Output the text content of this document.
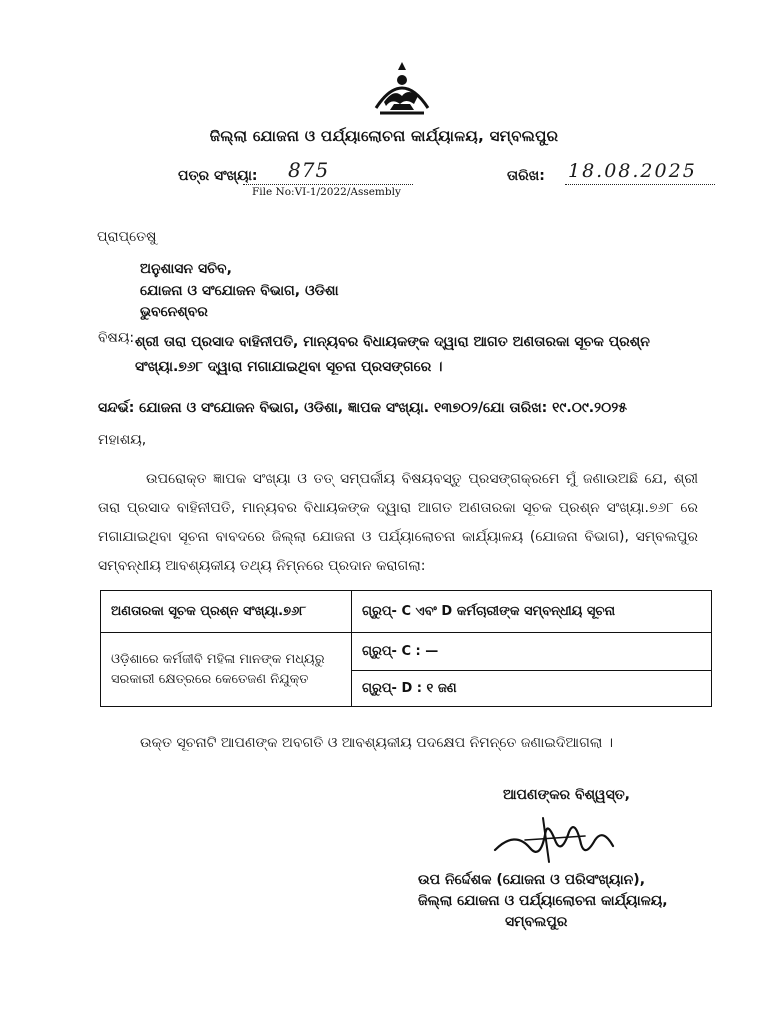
ଜିଲ୍ଲା ଯୋଜନା ଓ ପର୍ଯ୍ୟାଲୋଚନା କାର୍ଯ୍ୟାଳୟ, ସମ୍ବଲପୁର
ପତ୍ର ସଂଖ୍ୟା: 875
File No:VI-1/2022/Assembly
ତାରିଖ: 18.08.2025
ପ୍ରାପ୍ତେଷୁ
ଅନୁଶାସନ ସଚିବ,
ଯୋଜନା ଓ ସଂଯୋଜନ ବିଭାଗ, ଓଡିଶା
ଭୁବନେଶ୍ବର
ବିଷୟ: ଶ୍ରୀ ତାରା ପ୍ରସାଦ ବାହିନୀପତି, ମାନ୍ୟବର ବିଧାୟକଙ୍କ ଦ୍ୱାରା ଆଗତ ଅଣତାରକା ସୂଚକ ପ୍ରଶ୍ନ ସଂଖ୍ୟା.୭୬୮ ଦ୍ୱାରା ମଗାଯାଇଥିବା ସୂଚନା ପ୍ରସଙ୍ଗରେ ।
ସନ୍ଦର୍ଭ: ଯୋଜନା ଓ ସଂଯୋଜନ ବିଭାଗ, ଓଡିଶା, ଜ୍ଞାପକ ସଂଖ୍ୟା. ୧୩୭୦୨/ଯୋ ତାରିଖ: ୧୯.୦୯.୨୦୨୫
ମହାଶୟ,
ଉପରୋକ୍ତ ଜ୍ଞାପକ ସଂଖ୍ୟା ଓ ତତ୍ ସମ୍ପର୍କୀୟ ବିଷୟବସ୍ତୁ ପ୍ରସଙ୍ଗକ୍ରମେ ମୁଁ ଜଣାଉଅଛି ଯେ, ଶ୍ରୀ ତାରା ପ୍ରସାଦ ବାହିନୀପତି, ମାନ୍ୟବର ବିଧାୟକଙ୍କ ଦ୍ୱାରା ଆଗତ ଅଣତାରକା ସୂଚକ ପ୍ରଶ୍ନ ସଂଖ୍ୟା.୭୬୮ ରେ ମଗାଯାଇଥିବା ସୂଚନା ବାବଦରେ ଜିଲ୍ଲା ଯୋଜନା ଓ ପର୍ଯ୍ୟାଲୋଚନା କାର୍ଯ୍ୟାଳୟ (ଯୋଜନା ବିଭାଗ), ସମ୍ବଲପୁର ସମ୍ବନ୍ଧୀୟ ଆବଶ୍ୟକୀୟ ତଥ୍ୟ ନିମ୍ନରେ ପ୍ରଦାନ କରାଗଲା:
ଅଣତାରକା ସୂଚକ ପ୍ରଶ୍ନ ସଂଖ୍ୟା.୭୬୮	ଗ୍ରୁପ୍- C ଏବଂ D କର୍ମଚାରୀଙ୍କ ସମ୍ବନ୍ଧୀୟ ସୂଚନା
ଓଡ଼ିଶାରେ କର୍ମଜୀବି ମହିଳା ମାନଙ୍କ ମଧ୍ୟରୁ ସରକାରୀ କ୍ଷେତ୍ରରେ କେତେଜଣ ନିଯୁକ୍ତ	ଗ୍ରୁପ୍- C : —
	ଗ୍ରୁପ୍- D : ୧ ଜଣ
ଉକ୍ତ ସୂଚନାଟି ଆପଣଙ୍କ ଅବଗତି ଓ ଆବଶ୍ୟକୀୟ ପଦକ୍ଷେପ ନିମନ୍ତେ ଜଣାଇଦିଆଗଲା ।
ଆପଣଙ୍କର ବିଶ୍ୱସ୍ତ,
ଉପ ନିର୍ଦ୍ଦେଶକ (ଯୋଜନା ଓ ପରିସଂଖ୍ୟାନ),
ଜିଲ୍ଲା ଯୋଜନା ଓ ପର୍ଯ୍ୟାଲୋଚନା କାର୍ଯ୍ୟାଳୟ,
ସମ୍ବଲପୁର
